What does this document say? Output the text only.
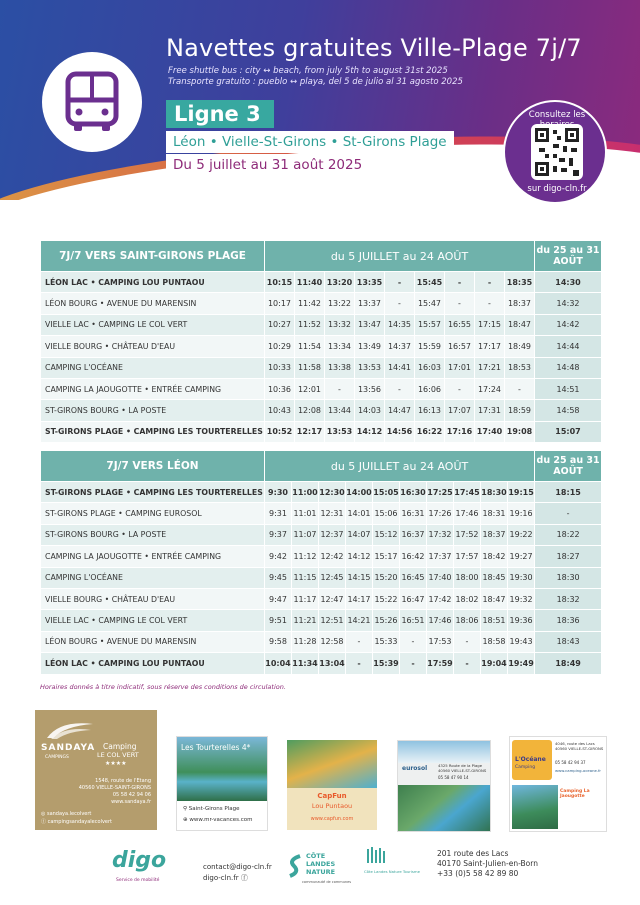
Navettes gratuites Ville-Plage 7j/7
Free shuttle bus : city ↔ beach, from july 5th to august 31st 2025
Transporte gratuito : pueblo ↔ playa, del 5 de julio al 31 agosto 2025
Ligne 3
Léon • Vielle-St-Girons • St-Girons Plage
Du 5 juillet au 31 août 2025
Consultez les
sur digo-cln.fr
7J/7 VERS SAINT-GIRONS PLAGE	du 5 JUILLET au 24 AOÛT									du 25 au 31 AOÛT
LÉON LAC • CAMPING LOU PUNTAOU	10:15	11:40	13:20	13:35	-	15:45	-	-	18:35	14:30
LÉON BOURG • AVENUE DU MARENSIN	10:17	11:42	13:22	13:37	-	15:47	-	-	18:37	14:32
VIELLE LAC • CAMPING LE COL VERT	10:27	11:52	13:32	13:47	14:35	15:57	16:55	17:15	18:47	14:42
VIELLE BOURG • CHÂTEAU D'EAU	10:29	11:54	13:34	13:49	14:37	15:59	16:57	17:17	18:49	14:44
CAMPING L'OCÉANE	10:33	11:58	13:38	13:53	14:41	16:03	17:01	17:21	18:53	14:48
CAMPING LA JAOUGOTTE • ENTRÉE CAMPING	10:36	12:01	-	13:56	-	16:06	-	17:24	-	14:51
ST-GIRONS BOURG • LA POSTE	10:43	12:08	13:44	14:03	14:47	16:13	17:07	17:31	18:59	14:58
ST-GIRONS PLAGE • CAMPING LES TOURTERELLES	10:52	12:17	13:53	14:12	14:56	16:22	17:16	17:40	19:08	15:07
7J/7 VERS LÉON	du 5 JUILLET au 24 AOÛT										du 25 au 31 AOÛT
ST-GIRONS PLAGE • CAMPING LES TOURTERELLES	9:30	11:00	12:30	14:00	15:05	16:30	17:25	17:45	18:30	19:15	18:15
ST-GIRONS PLAGE • CAMPING EUROSOL	9:31	11:01	12:31	14:01	15:06	16:31	17:26	17:46	18:31	19:16	-
ST-GIRONS BOURG • LA POSTE	9:37	11:07	12:37	14:07	15:12	16:37	17:32	17:52	18:37	19:22	18:22
CAMPING LA JAOUGOTTE • ENTRÉE CAMPING	9:42	11:12	12:42	14:12	15:17	16:42	17:37	17:57	18:42	19:27	18:27
CAMPING L'OCÉANE	9:45	11:15	12:45	14:15	15:20	16:45	17:40	18:00	18:45	19:30	18:30
VIELLE BOURG • CHÂTEAU D'EAU	9:47	11:17	12:47	14:17	15:22	16:47	17:42	18:02	18:47	19:32	18:32
VIELLE LAC • CAMPING LE COL VERT	9:51	11:21	12:51	14:21	15:26	16:51	17:46	18:06	18:51	19:36	18:36
LÉON BOURG • AVENUE DU MARENSIN	9:58	11:28	12:58	-	15:33	-	17:53	-	18:58	19:43	18:43
LÉON LAC • CAMPING LOU PUNTAOU	10:04	11:34	13:04	-	15:39	-	17:59	-	19:04	19:49	18:49
Horaires donnés à titre indicatif, sous réserve des conditions de circulation.
SANDAYA
CAMPINGS
Camping
LE COL VERT
★★★★
1548, route de l'Etang
40560 VIELLE-SAINT-GIRONS
05 58 42 94 06
www.sandaya.fr
◎ sandaya.lecolvert
ⓕ campingsandayalecolvert
Les Tourterelles 4*
⚲ Saint-Girons Plage
⊕ www.mr-vacances.com
CapFun
Lou Puntaou
www.capfun.com
eurosol	4325 Route de la Plage 40560 VIELLE-ST-GIRONS
05 58 47 90 14
L'Océane
Camping
4046, route des Lacs 40560 VIELLE-ST-GIRONS
05 58 42 94 37
www.camping-oceane.fr
Camping La Jaougotte
digo
Service de mobilité
contact@digo-cln.fr
digo-cln.fr ⓕ
CÔTE LANDES NATURE
communauté de communes
Côte Landes Nature Tourisme
201 route des Lacs
40170 Saint-Julien-en-Born
+33 (0)5 58 42 89 80
